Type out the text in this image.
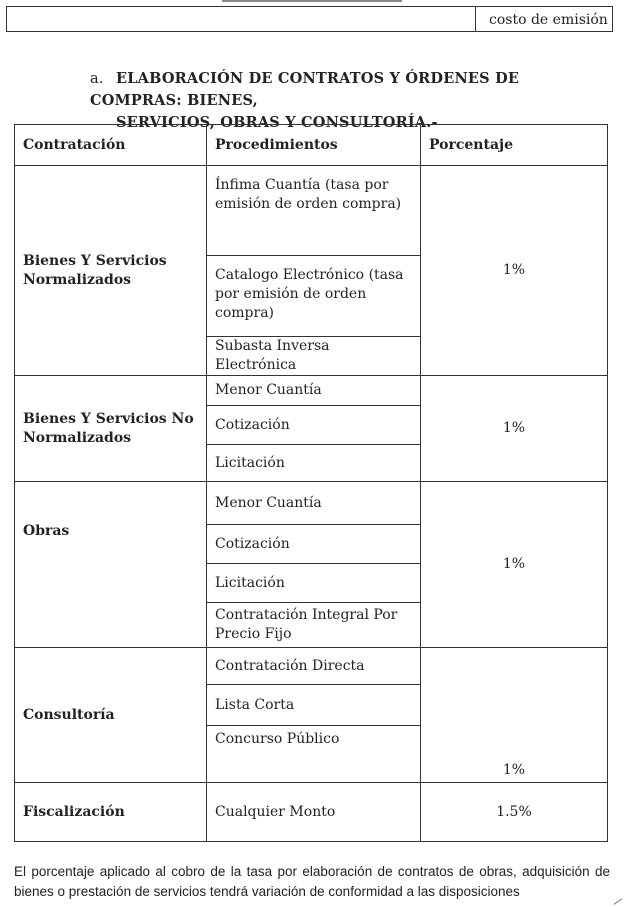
costo de emisión
a. ELABORACIÓN DE CONTRATOS Y ÓRDENES DE COMPRAS: BIENES,
SERVICIOS, OBRAS Y CONSULTORÍA.-
Contratación	Procedimientos	Porcentaje
Bienes Y Servicios Normalizados	Ínfima Cuantía (tasa por emisión de orden compra)	1%
	Catalogo Electrónico (tasa por emisión de orden compra)	
	Subasta Inversa Electrónica	
Bienes Y Servicios No Normalizados	Menor Cuantía	1%
	Cotización	
	Licitación	
Obras	Menor Cuantía	1%
	Cotización	
	Licitación	
	Contratación Integral Por Precio Fijo	
Consultoría	Contratación Directa	1%
	Lista Corta	
	Concurso Público	
Fiscalización	Cualquier Monto	1.5%

El porcentaje aplicado al cobro de la tasa por elaboración de contratos de obras, adquisición de bienes o prestación de servicios tendrá variación de conformidad a las disposiciones
